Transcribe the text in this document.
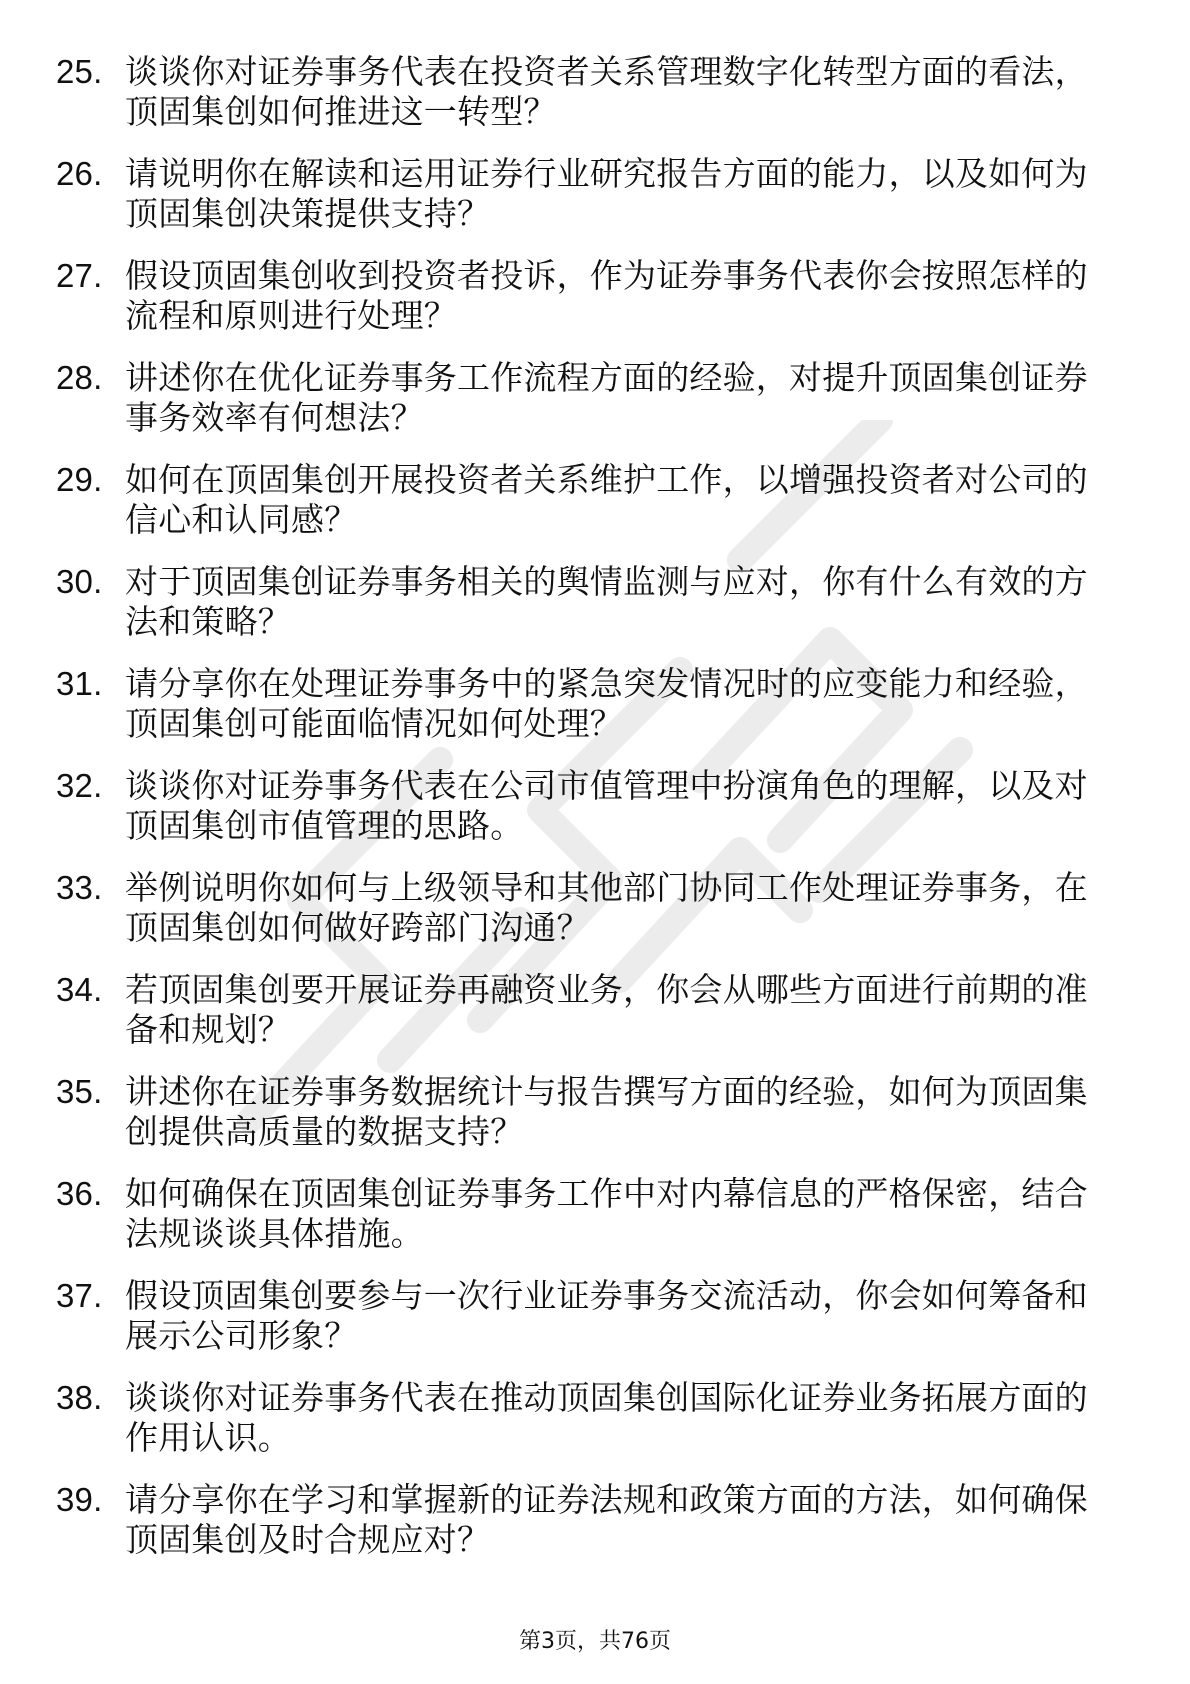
25. 谈谈你对证券事务代表在投资者关系管理数字化转型方面的看法，顶固集创如何推进这一转型？
26. 请说明你在解读和运用证券行业研究报告方面的能力，以及如何为顶固集创决策提供支持？
27. 假设顶固集创收到投资者投诉，作为证券事务代表你会按照怎样的流程和原则进行处理？
28. 讲述你在优化证券事务工作流程方面的经验，对提升顶固集创证券事务效率有何想法？
29. 如何在顶固集创开展投资者关系维护工作，以增强投资者对公司的信心和认同感？
30. 对于顶固集创证券事务相关的舆情监测与应对，你有什么有效的方法和策略？
31. 请分享你在处理证券事务中的紧急突发情况时的应变能力和经验，顶固集创可能面临情况如何处理？
32. 谈谈你对证券事务代表在公司市值管理中扮演角色的理解，以及对顶固集创市值管理的思路。
33. 举例说明你如何与上级领导和其他部门协同工作处理证券事务，在顶固集创如何做好跨部门沟通？
34. 若顶固集创要开展证券再融资业务，你会从哪些方面进行前期的准备和规划？
35. 讲述你在证券事务数据统计与报告撰写方面的经验，如何为顶固集创提供高质量的数据支持？
36. 如何确保在顶固集创证券事务工作中对内幕信息的严格保密，结合法规谈谈具体措施。
37. 假设顶固集创要参与一次行业证券事务交流活动，你会如何筹备和展示公司形象？
38. 谈谈你对证券事务代表在推动顶固集创国际化证券业务拓展方面的作用认识。
39. 请分享你在学习和掌握新的证券法规和政策方面的方法，如何确保顶固集创及时合规应对？
第3页，共76页
